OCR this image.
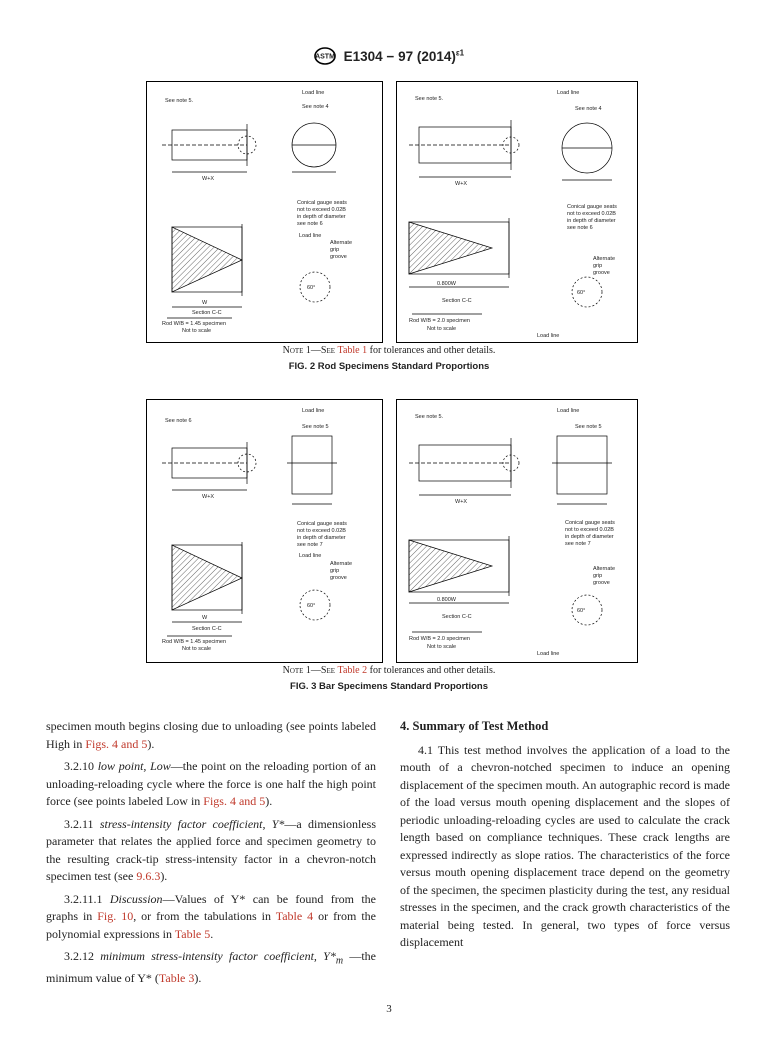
ASTM E1304 − 97 $(2014)^{\varepsilon 1}$
See note 5.
Load line
See note 4
W+X
Conical gauge seats
not to exceed 0.02B
in depth of diameter
see note 6
Load line
Alternate
grip
groove
W
Section C-C
60°
Rod W/B = 1.45 specimen
Not to scale
See note 5.
Load line
See note 4
W+X
Conical gauge seats
not to exceed 0.02B
in depth of diameter
see note 6
Alternate
grip
groove
0.800W
Section C-C
60°
Rod W/B = 2.0 specimen
Not to scale
Load line
Note 1—See Table 1 for tolerances and other details.
FIG. 2 Rod Specimens Standard Proportions
See note 6
Load line
See note 5
W+X
Conical gauge seats
not to exceed 0.02B
in depth of diameter
see note 7
Load line
Alternate
grip
groove
W
Section C-C
60°
Rod W/B = 1.45 specimen
Not to scale
See note 5.
Load line
See note 5
W+X
Conical gauge seats
not to exceed 0.02B
in depth of diameter
see note 7
Alternate
grip
groove
0.800W
Section C-C
60°
Rod W/B = 2.0 specimen
Not to scale
Load line
Note 1—See Table 2 for tolerances and other details.
FIG. 3 Bar Specimens Standard Proportions

specimen mouth begins closing due to unloading (see points labeled High in Figs. 4 and 5).

3.2.10 low point, Low—the point on the reloading portion of an unloading-reloading cycle where the force is one half the high point force (see points labeled Low in Figs. 4 and 5).

3.2.11 stress-intensity factor coefficient, Y*—a dimensionless parameter that relates the applied force and specimen geometry to the resulting crack-tip stress-intensity factor in a chevron-notch specimen test (see 9.6.3).

3.2.11.1 Discussion—Values of Y* can be found from the graphs in Fig. 10, or from the tabulations in Table 4 or from the polynomial expressions in Table 5.

3.2.12 minimum stress-intensity factor coefficient, $Y*_m$ —the minimum value of Y* (Table 3).

4. Summary of Test Method

4.1 This test method involves the application of a load to the mouth of a chevron-notched specimen to induce an opening displacement of the specimen mouth. An autographic record is made of the load versus mouth opening displacement and the slopes of periodic unloading-reloading cycles are used to calculate the crack length based on compliance techniques. These crack lengths are expressed indirectly as slope ratios. The characteristics of the force versus mouth opening displacement trace depend on the geometry of the specimen, the specimen plasticity during the test, any residual stresses in the specimen, and the crack growth characteristics of the material being tested. In general, two types of force versus displacement

3
